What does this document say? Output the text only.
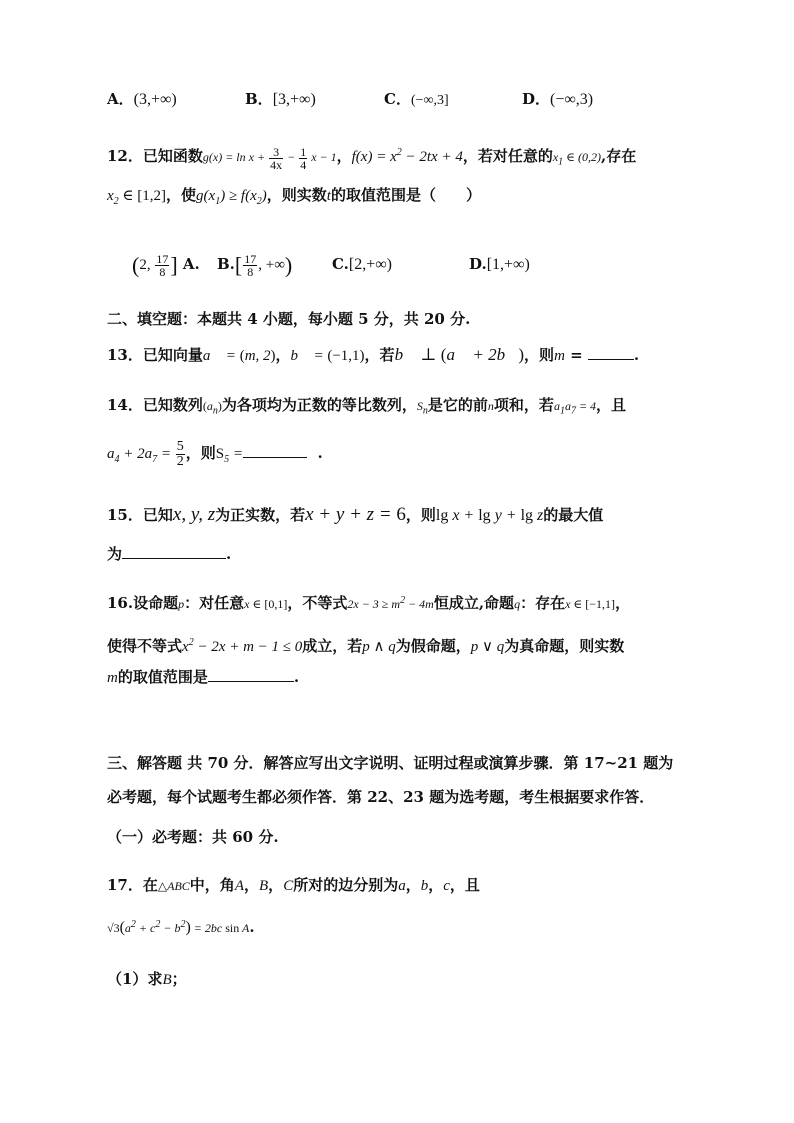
A．(3,+∞)	B．[3,+∞)	C．(−∞,3]	D．(−∞,3)
12．已知函数$g(x) = \ln x + \frac{3}{4x} - \frac{1}{4}$ x − 1，$f(x) = x^2 - 2tx + 4$，若对任意的$x_1$ ∈ (0,2),存在
$x_2$ ∈ [1,2]，使$g(x_1) \ge f(x_2)$，则实数t的取值范围是（　　）
(2, $\frac{17}{8}$ ] A. $B.[ \frac{17}{8}$ , +∞)	C.[2,+∞)	D.[1,+∞)
二、填空题：本题共 4 小题，每小题 5 分，共 20 分.
13．已知向量a⃗ = (m, 2)，b⃗ = (−1,1)，若b⃗ ⊥ (a⃗ + 2b⃗)，则m =	.
14．已知数列$(a_n)$为各项均为正数的等比数列，$S_n$是它的前n项和，若$a_1a_7 = 4$，且
$a_4 + 2a_7 = \frac{5}{2}$ ，则$S_5$ =	.
15．已知x, y, z为正实数，若x + y + z = 6，则lg x + lg y + lg z的最大值
为	.
16.设命题p：对任意x ∈ [0,1]，不等式$2x - 3 \ge m^2 - 4m$恒成立,命题q：存在x ∈ [−1,1]，
使得不等式$x^2 - 2x + m - 1 \le 0$成立，若p ∧ q为假命题，p ∨ q为真命题，则实数
m的取值范围是	.
三、解答题 共 70 分．解答应写出文字说明、证明过程或演算步骤．第 17~21 题为
必考题，每个试题考生都必须作答．第 22、23 题为选考题，考生根据要求作答．
（一）必考题：共 60 分.
17．在△ABC中，角A，B，C所对的边分别为a，b，c，且
$√3(a^2 + c^2 - b^2) = 2bc$ sin A.
（1）求B；
